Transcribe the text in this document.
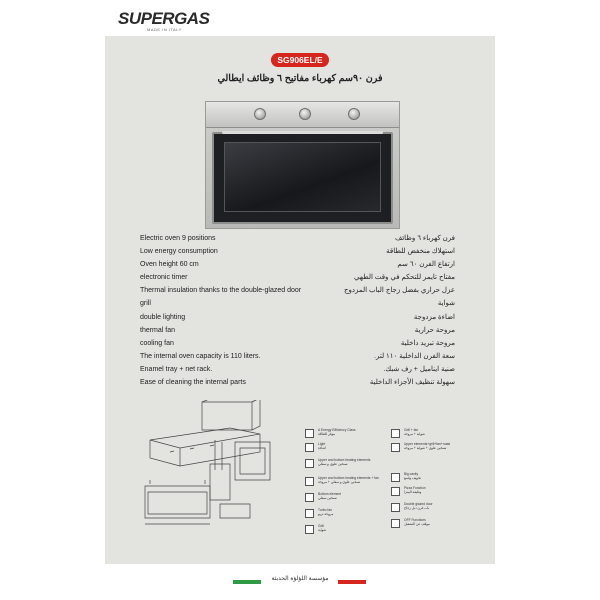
SUPERGAS
MADE IN ITALY
SG906EL/E
فرن ٩٠سم كهرباء مفاتيح ٦ وظائف ايطالي
Electric oven 9 positions	فرن كهرباء ٦ وظائف
Low energy consumption	استهلاك منخفض للطاقة
Oven height 60 cm	ارتفاع الفرن ٦٠ سم
electronic timer	مفتاح تايمر للتحكم في وقت الطهي
Thermal insulation thanks to the double-glazed door	عزل حراري بفضل زجاج الباب المزدوج
grill	شواية
double lighting	اضاءة مزدوجة
thermal fan	مروحة حرارية
cooling fan	مروحة تبريد داخلية
The internal oven capacity is 110 liters.	سعة الفرن الداخلية ١١٠ لتر.
Enamel tray + net rack.	صنية ايناميل + رف شبك.
Ease of cleaning the internal parts	سهولة تنظيف الأجزاء الداخلية
A Energy Efficiency Class
موفر للطاقة
Grill + fan
شواية + مروحة
Light
اضاءة
Upper elements+grill+fan+roast
تسخين علوي + شواية + مروحة
Upper and bottom heating elements
تسخين علوي و سفلي
Upper and bottom heating elements + fan
تسخين علوي و سفلي + مروحة
Big cavity
تجويف واسع
Bottom element
تسخين سفلي
Pizza Function
وظيفة البيتزا
Turbo fan
مروحة تربو
Double glazed door
باب فرن دبل زجاج
Grill
شواية
OFF Functions
موقف عن التشغيل
مؤسسة اللؤلؤة الحديثة
